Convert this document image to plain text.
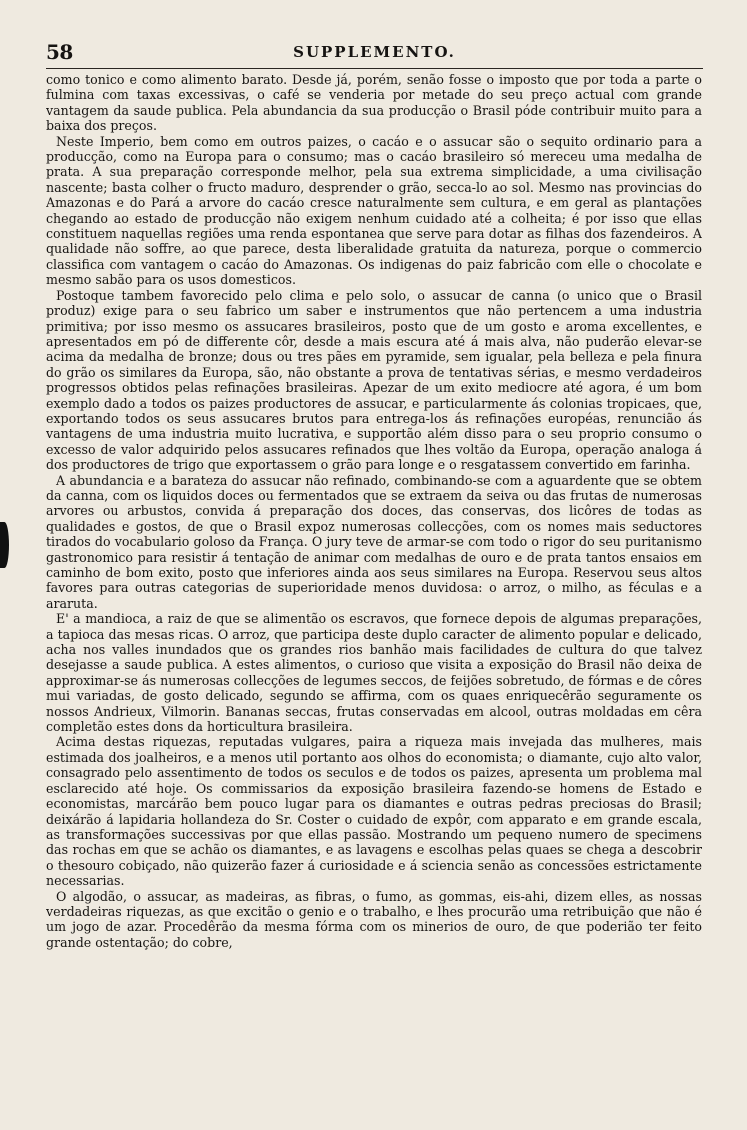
58	SUPPLEMENTO.

como tonico e como alimento barato. Desde já, porém, senão fosse o imposto que por toda a parte o fulmina com taxas excessivas, o café se venderia por metade do seu preço actual com grande vantagem da saude publica. Pela abundancia da sua producção o Brasil póde contribuir muito para a baixa dos preços.

Neste Imperio, bem como em outros paizes, o cacáo e o assucar são o sequito ordinario para a producção, como na Europa para o consumo; mas o cacáo brasileiro só mereceu uma medalha de prata. A sua preparação corresponde melhor, pela sua extrema simplicidade, a uma civilisação nascente; basta colher o fructo maduro, desprender o grão, secca-lo ao sol. Mesmo nas provincias do Amazonas e do Pará a arvore do cacáo cresce naturalmente sem cultura, e em geral as plantações chegando ao estado de producção não exigem nenhum cuidado até a colheita; é por isso que ellas constituem naquellas regiões uma renda espontanea que serve para dotar as filhas dos fazendeiros. A qualidade não soffre, ao que parece, desta liberalidade gratuita da natureza, porque o commercio classifica com vantagem o cacáo do Amazonas. Os indigenas do paiz fabricão com elle o chocolate e mesmo sabão para os usos domesticos.

Postoque tambem favorecido pelo clima e pelo solo, o assucar de canna (o unico que o Brasil produz) exige para o seu fabrico um saber e instrumentos que não pertencem a uma industria primitiva; por isso mesmo os assucares brasileiros, posto que de um gosto e aroma excellentes, e apresentados em pó de differente côr, desde a mais escura até á mais alva, não puderão elevar-se acima da medalha de bronze; dous ou tres pães em pyramide, sem igualar, pela belleza e pela finura do grão os similares da Europa, são, não obstante a prova de tentativas sérias, e mesmo verdadeiros progressos obtidos pelas refinações brasileiras. Apezar de um exito mediocre até agora, é um bom exemplo dado a todos os paizes productores de assucar, e particularmente ás colonias tropicaes, que, exportando todos os seus assucares brutos para entrega-los ás refinações européas, renuncião ás vantagens de uma industria muito lucrativa, e supportão além disso para o seu proprio consumo o excesso de valor adquirido pelos assucares refinados que lhes voltão da Europa, operação analoga á dos productores de trigo que exportassem o grão para longe e o resgatassem convertido em farinha.

A abundancia e a barateza do assucar não refinado, combinando-se com a aguardente que se obtem da canna, com os liquidos doces ou fermentados que se extraem da seiva ou das frutas de numerosas arvores ou arbustos, convida á preparação dos doces, das conservas, dos licôres de todas as qualidades e gostos, de que o Brasil expoz numerosas collecções, com os nomes mais seductores tirados do vocabulario goloso da França. O jury teve de armar-se com todo o rigor do seu puritanismo gastronomico para resistir á tentação de animar com medalhas de ouro e de prata tantos ensaios em caminho de bom exito, posto que inferiores ainda aos seus similares na Europa. Reservou seus altos favores para outras categorias de superioridade menos duvidosa: o arroz, o milho, as féculas e a araruta.

E' a mandioca, a raiz de que se alimentão os escravos, que fornece depois de algumas preparações, a tapioca das mesas ricas. O arroz, que participa deste duplo caracter de alimento popular e delicado, acha nos valles inundados que os grandes rios banhão mais facilidades de cultura do que talvez desejasse a saude publica. A estes alimentos, o curioso que visita a exposição do Brasil não deixa de approximar-se ás numerosas collecções de legumes seccos, de feijões sobretudo, de fórmas e de côres mui variadas, de gosto delicado, segundo se affirma, com os quaes enriquecêrão seguramente os nossos Andrieux, Vilmorin. Bananas seccas, frutas conservadas em alcool, outras moldadas em cêra completão estes dons da horticultura brasileira.

Acima destas riquezas, reputadas vulgares, paira a riqueza mais invejada das mulheres, mais estimada dos joalheiros, e a menos util portanto aos olhos do economista; o diamante, cujo alto valor, consagrado pelo assentimento de todos os seculos e de todos os paizes, apresenta um problema mal esclarecido até hoje. Os commissarios da exposição brasileira fazendo-se homens de Estado e economistas, marcárão bem pouco lugar para os diamantes e outras pedras preciosas do Brasil; deixárão á lapidaria hollandeza do Sr. Coster o cuidado de expôr, com apparato e em grande escala, as transformações successivas por que ellas passão. Mostrando um pequeno numero de specimens das rochas em que se achão os diamantes, e as lavagens e escolhas pelas quaes se chega a descobrir o thesouro cobiçado, não quizerão fazer á curiosidade e á sciencia senão as concessões estrictamente necessarias.

O algodão, o assucar, as madeiras, as fibras, o fumo, as gommas, eis-ahi, dizem elles, as nossas verdadeiras riquezas, as que excitão o genio e o trabalho, e lhes procurão uma retribuição que não é um jogo de azar. Procedêrão da mesma fórma com os minerios de ouro, de que poderião ter feito grande ostentação; do cobre,
